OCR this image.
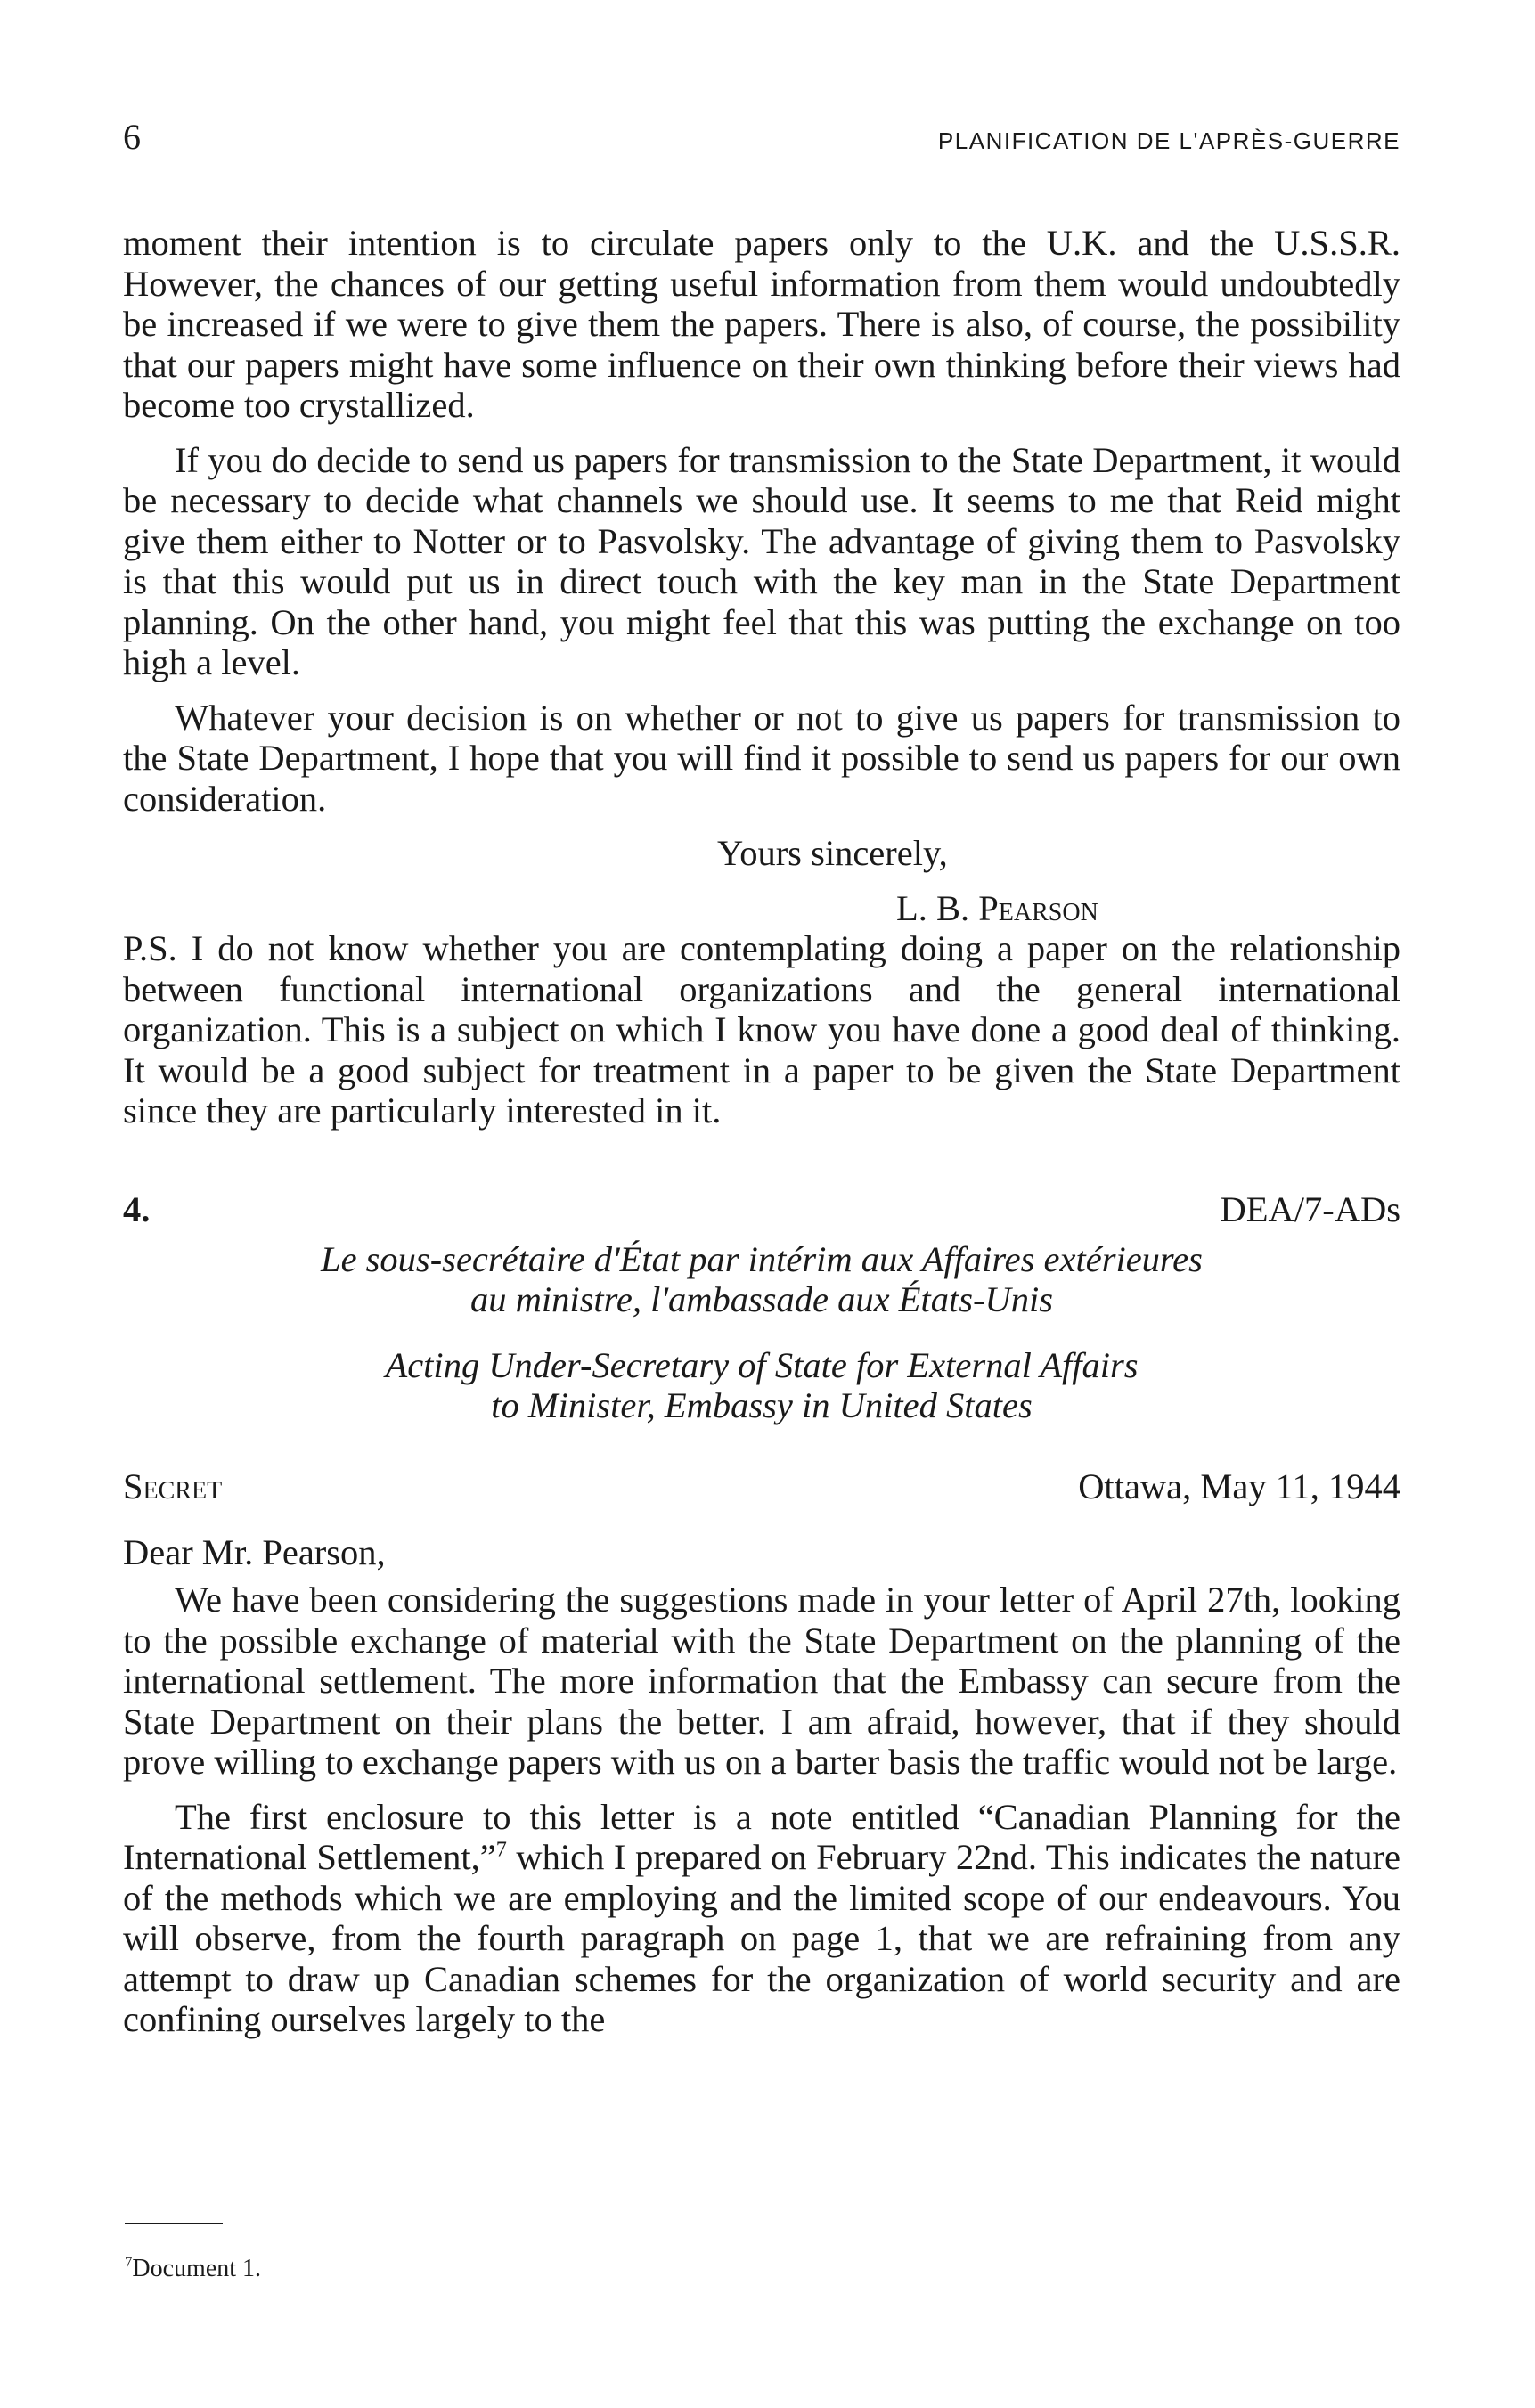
6	PLANIFICATION DE L'APRÈS-GUERRE

moment their intention is to circulate papers only to the U.K. and the U.S.S.R. However, the chances of our getting useful information from them would undoubtedly be increased if we were to give them the papers. There is also, of course, the possibility that our papers might have some influence on their own thinking before their views had become too crystallized.

If you do decide to send us papers for transmission to the State Department, it would be necessary to decide what channels we should use. It seems to me that Reid might give them either to Notter or to Pasvolsky. The advantage of giving them to Pasvolsky is that this would put us in direct touch with the key man in the State Department planning. On the other hand, you might feel that this was putting the exchange on too high a level.

Whatever your decision is on whether or not to give us papers for transmission to the State Department, I hope that you will find it possible to send us papers for our own consideration.

Yours sincerely,
L. B. Pearson

P.S. I do not know whether you are contemplating doing a paper on the relationship between functional international organizations and the general international organization. This is a subject on which I know you have done a good deal of thinking. It would be a good subject for treatment in a paper to be given the State Department since they are particularly interested in it.

4.	DEA/7-ADs
Le sous-secrétaire d'État par intérim aux Affaires extérieures
au ministre, l'ambassade aux États-Unis
Acting Under-Secretary of State for External Affairs
to Minister, Embassy in United States
Secret	Ottawa, May 11, 1944
Dear Mr. Pearson,

We have been considering the suggestions made in your letter of April 27th, looking to the possible exchange of material with the State Department on the planning of the international settlement. The more information that the Embassy can secure from the State Department on their plans the better. I am afraid, however, that if they should prove willing to exchange papers with us on a barter basis the traffic would not be large.

The first enclosure to this letter is a note entitled “Canadian Planning for the International Settlement,”$^7$ which I prepared on February 22nd. This indicates the nature of the methods which we are employing and the limited scope of our endeavours. You will observe, from the fourth paragraph on page 1, that we are refraining from any attempt to draw up Canadian schemes for the organization of world security and are confining ourselves largely to the

$^7$Document 1.
